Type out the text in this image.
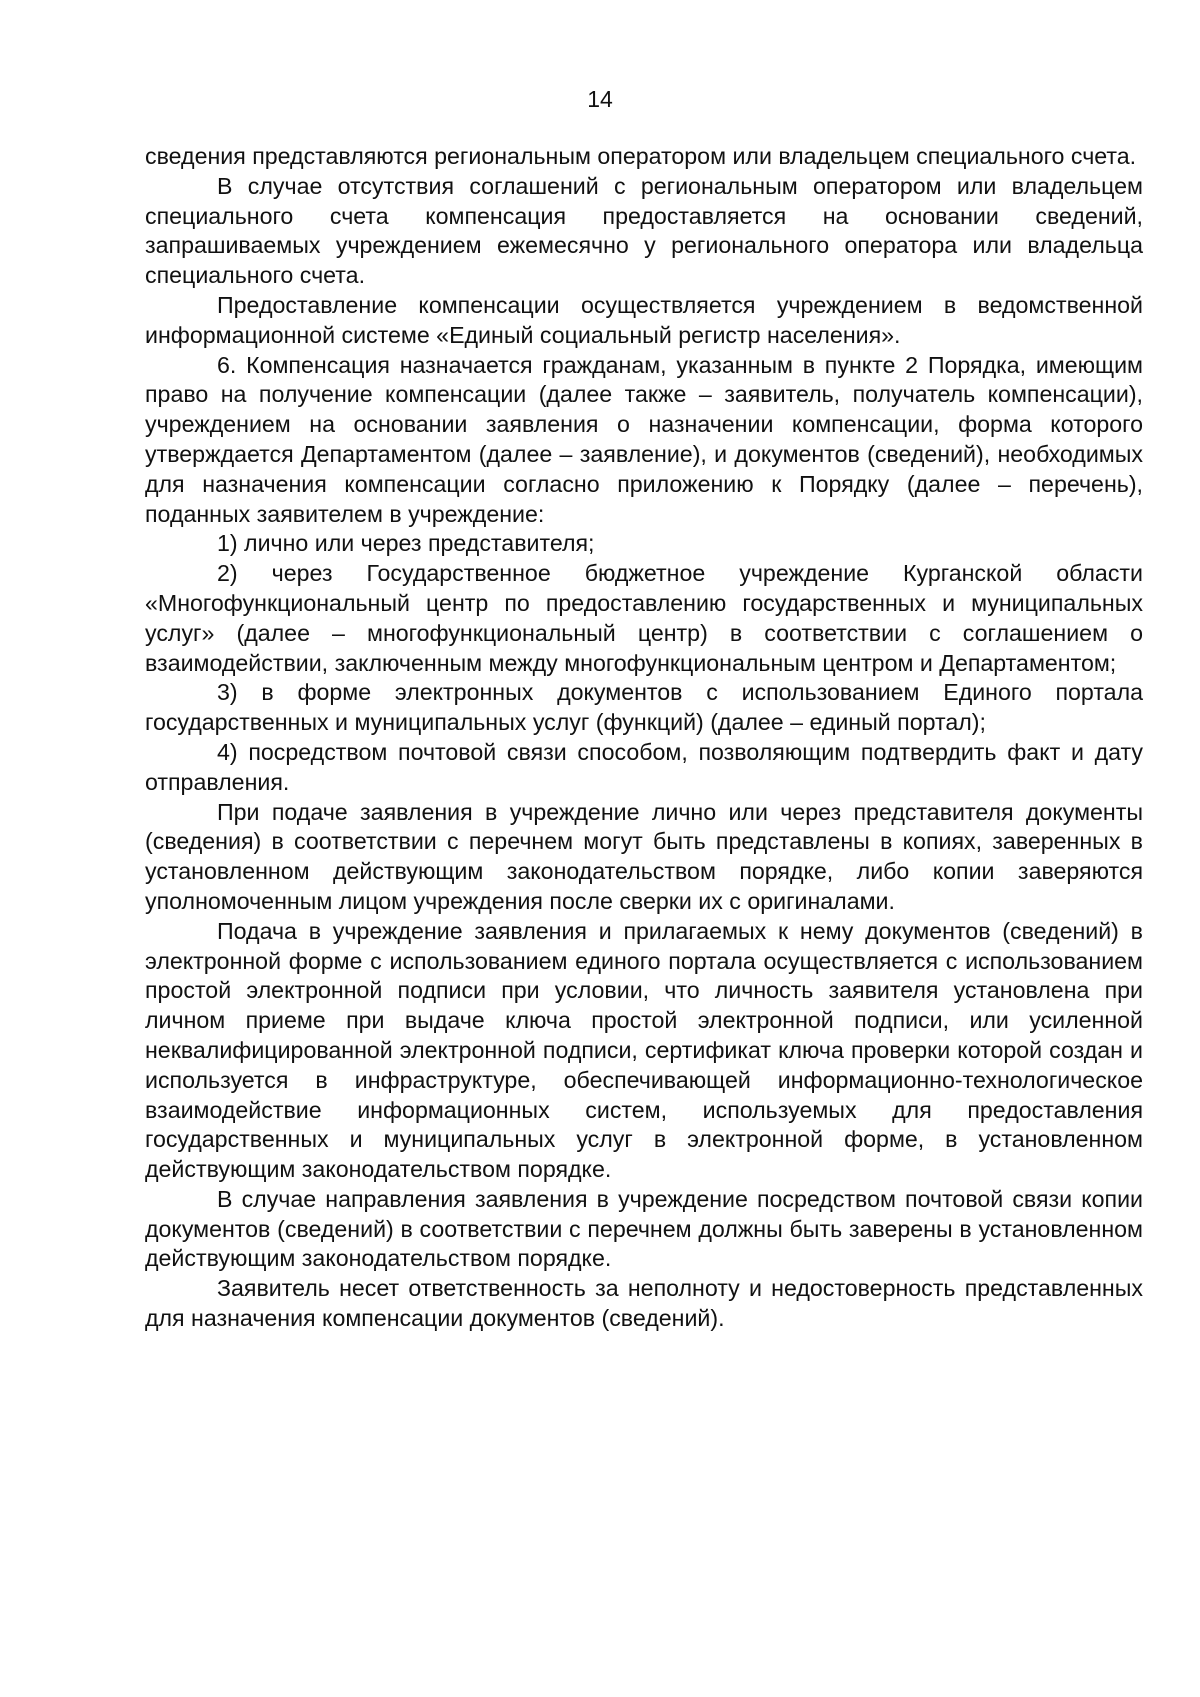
14

сведения представляются региональным оператором или владельцем специального счета.

В случае отсутствия соглашений с региональным оператором или владельцем специального счета компенсация предоставляется на основании сведений, запрашиваемых учреждением ежемесячно у регионального оператора или владельца специального счета.

Предоставление компенсации осуществляется учреждением в ведомственной информационной системе «Единый социальный регистр населения».

6. Компенсация назначается гражданам, указанным в пункте 2 Порядка, имеющим право на получение компенсации (далее также – заявитель, получатель компенсации), учреждением на основании заявления о назначении компенсации, форма которого утверждается Департаментом (далее – заявление), и документов (сведений), необходимых для назначения компенсации согласно приложению к Порядку (далее – перечень), поданных заявителем в учреждение:

1) лично или через представителя;

2) через Государственное бюджетное учреждение Курганской области «Многофункциональный центр по предоставлению государственных и муниципальных услуг» (далее – многофункциональный центр) в соответствии с соглашением о взаимодействии, заключенным между многофункциональным центром и Департаментом;

3) в форме электронных документов с использованием Единого портала государственных и муниципальных услуг (функций) (далее – единый портал);

4) посредством почтовой связи способом, позволяющим подтвердить факт и дату отправления.

При подаче заявления в учреждение лично или через представителя документы (сведения) в соответствии с перечнем могут быть представлены в копиях, заверенных в установленном действующим законодательством порядке, либо копии заверяются уполномоченным лицом учреждения после сверки их с оригиналами.

Подача в учреждение заявления и прилагаемых к нему документов (сведений) в электронной форме с использованием единого портала осуществляется с использованием простой электронной подписи при условии, что личность заявителя установлена при личном приеме при выдаче ключа простой электронной подписи, или усиленной неквалифицированной электронной подписи, сертификат ключа проверки которой создан и используется в инфраструктуре, обеспечивающей информационно-технологическое взаимодействие информационных систем, используемых для предоставления государственных и муниципальных услуг в электронной форме, в установленном действующим законодательством порядке.

В случае направления заявления в учреждение посредством почтовой связи копии документов (сведений) в соответствии с перечнем должны быть заверены в установленном действующим законодательством порядке.

Заявитель несет ответственность за неполноту и недостоверность представленных для назначения компенсации документов (сведений).
